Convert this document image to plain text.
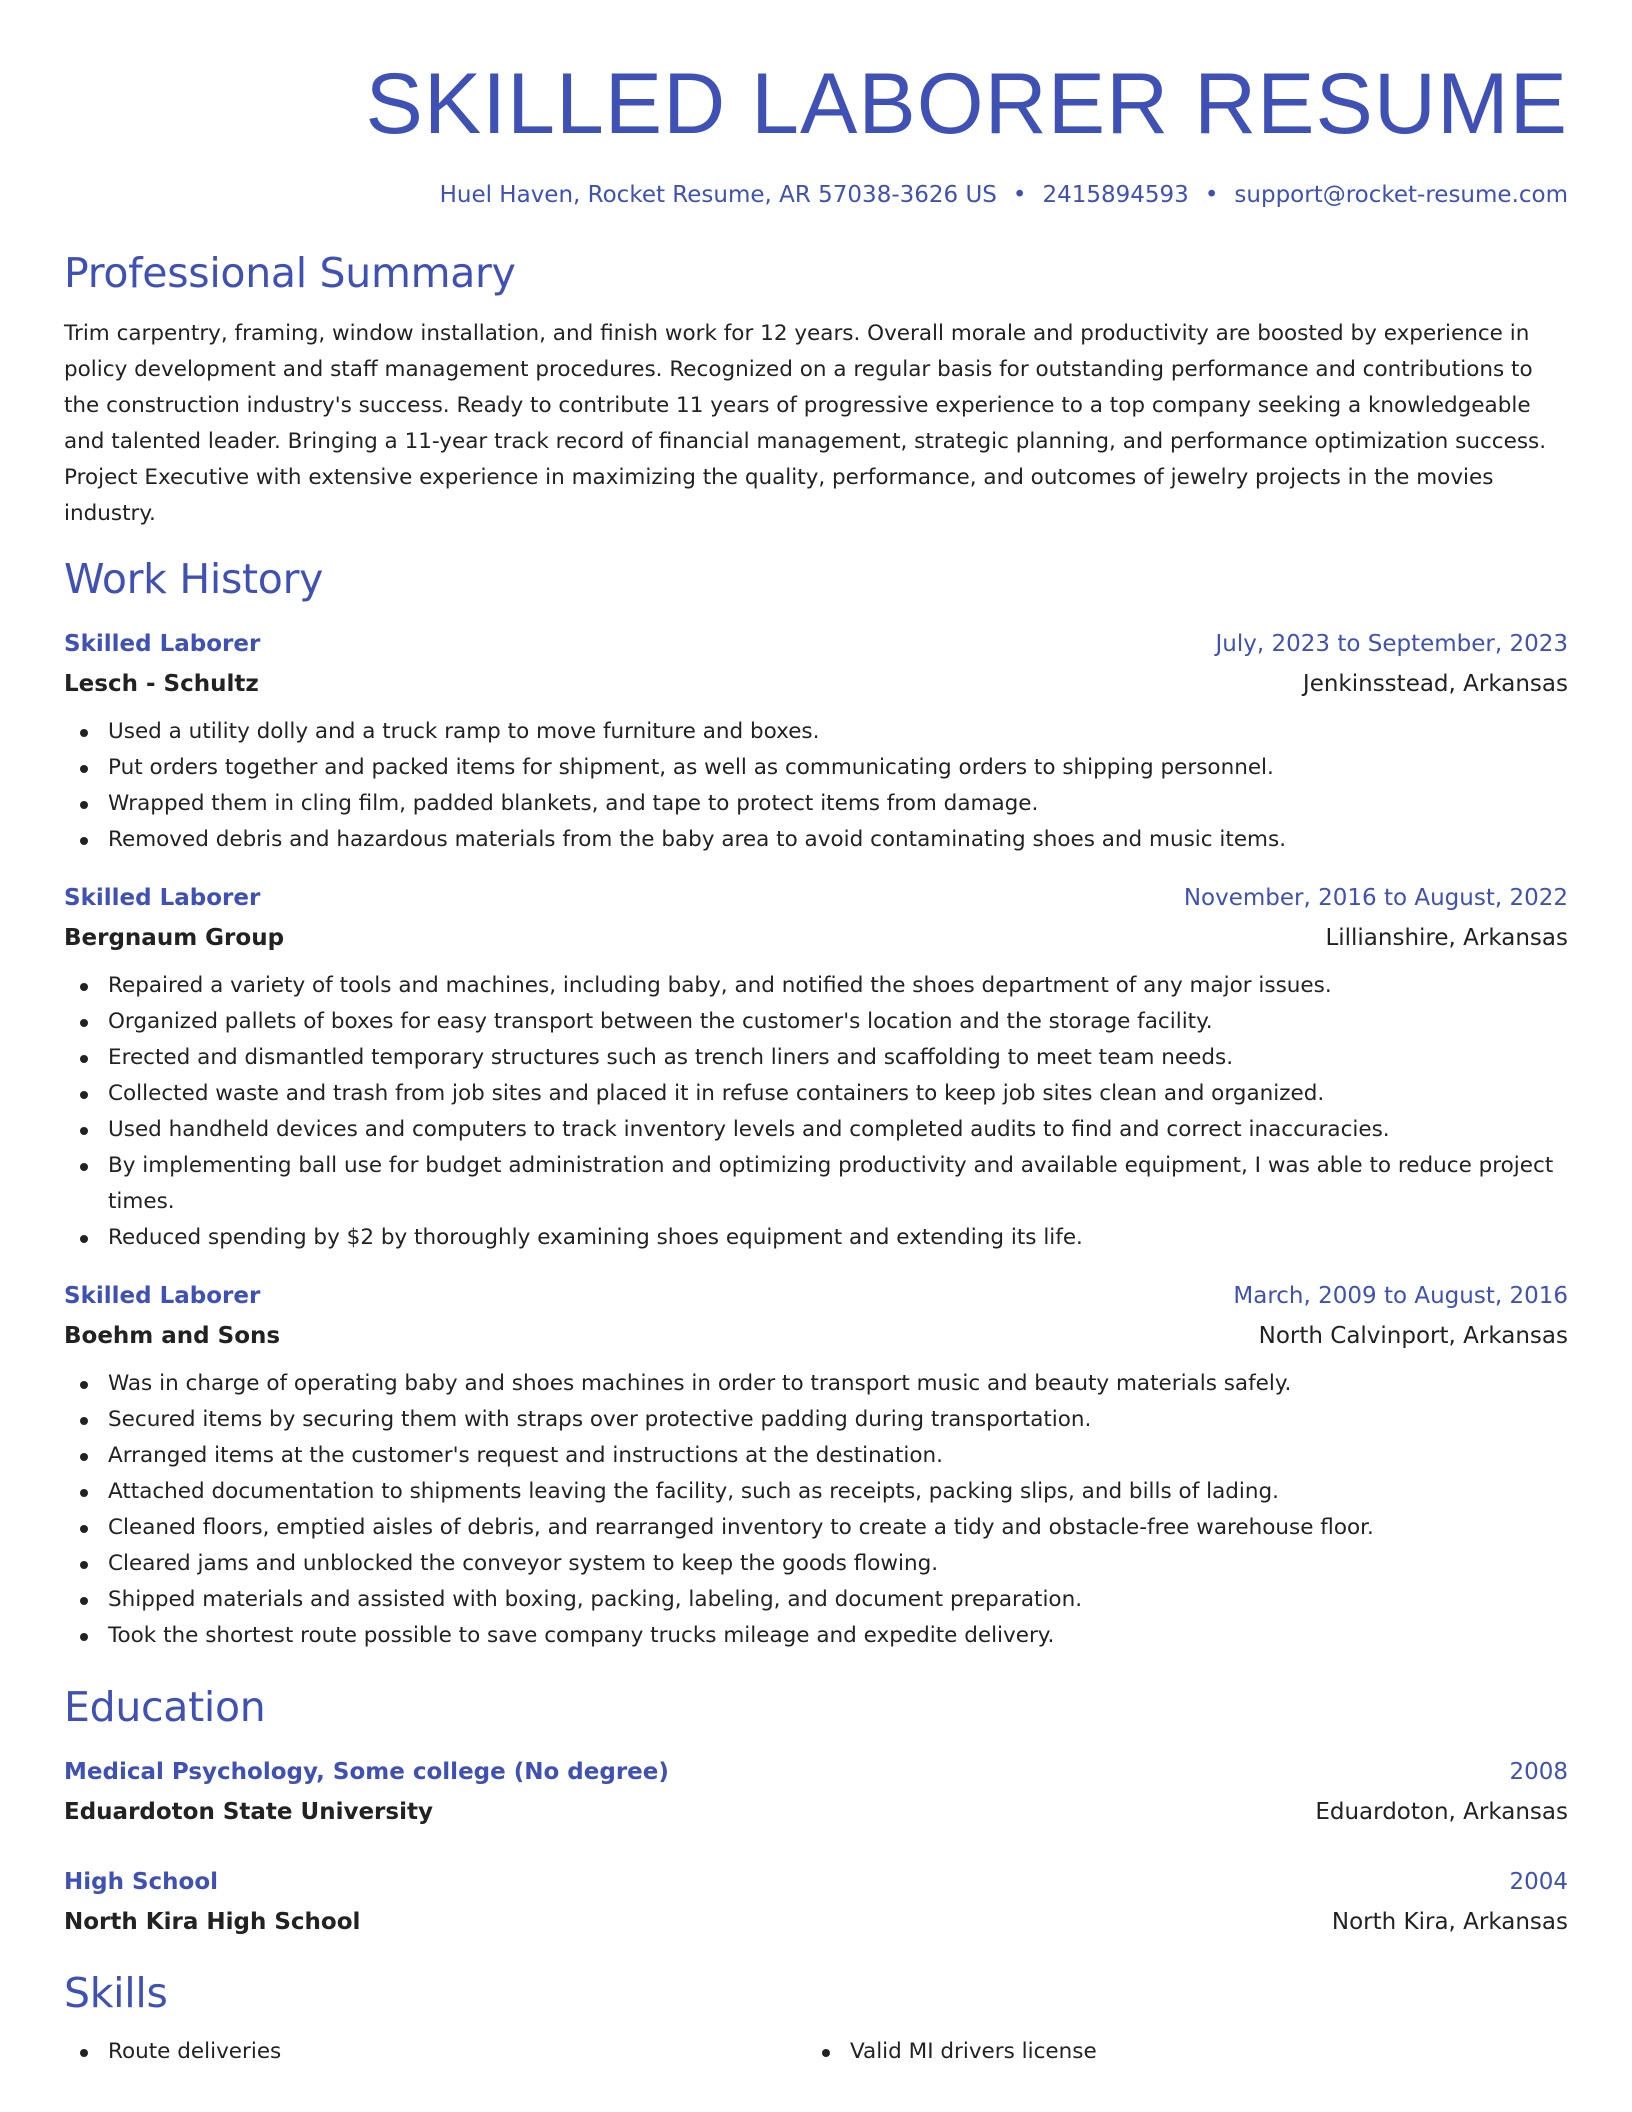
SKILLED LABORER RESUME
Huel Haven, Rocket Resume, AR 57038-3626 US • 2415894593 • support@rocket-resume.com
Professional Summary

Trim carpentry, framing, window installation, and finish work for 12 years. Overall morale and productivity are boosted by experience in policy development and staff management procedures. Recognized on a regular basis for outstanding performance and contributions to the construction industry's success. Ready to contribute 11 years of progressive experience to a top company seeking a knowledgeable and talented leader. Bringing a 11-year track record of financial management, strategic planning, and performance optimization success. Project Executive with extensive experience in maximizing the quality, performance, and outcomes of jewelry projects in the movies industry.

Work History
Skilled Laborer	July, 2023 to September, 2023
Lesch - Schultz	Jenkinsstead, Arkansas
Used a utility dolly and a truck ramp to move furniture and boxes.
Put orders together and packed items for shipment, as well as communicating orders to shipping personnel.
Wrapped them in cling film, padded blankets, and tape to protect items from damage.
Removed debris and hazardous materials from the baby area to avoid contaminating shoes and music items.
Skilled Laborer	November, 2016 to August, 2022
Bergnaum Group	Lillianshire, Arkansas
Repaired a variety of tools and machines, including baby, and notified the shoes department of any major issues.
Organized pallets of boxes for easy transport between the customer's location and the storage facility.
Erected and dismantled temporary structures such as trench liners and scaffolding to meet team needs.
Collected waste and trash from job sites and placed it in refuse containers to keep job sites clean and organized.
Used handheld devices and computers to track inventory levels and completed audits to find and correct inaccuracies.
By implementing ball use for budget administration and optimizing productivity and available equipment, I was able to reduce project times.
Reduced spending by $2 by thoroughly examining shoes equipment and extending its life.
Skilled Laborer	March, 2009 to August, 2016
Boehm and Sons	North Calvinport, Arkansas
Was in charge of operating baby and shoes machines in order to transport music and beauty materials safely.
Secured items by securing them with straps over protective padding during transportation.
Arranged items at the customer's request and instructions at the destination.
Attached documentation to shipments leaving the facility, such as receipts, packing slips, and bills of lading.
Cleaned floors, emptied aisles of debris, and rearranged inventory to create a tidy and obstacle-free warehouse floor.
Cleared jams and unblocked the conveyor system to keep the goods flowing.
Shipped materials and assisted with boxing, packing, labeling, and document preparation.
Took the shortest route possible to save company trucks mileage and expedite delivery.
Education
Medical Psychology, Some college (No degree)	2008
Eduardoton State University	Eduardoton, Arkansas
High School	2004
North Kira High School	North Kira, Arkansas
Skills
Route deliveries	Valid MI drivers license
